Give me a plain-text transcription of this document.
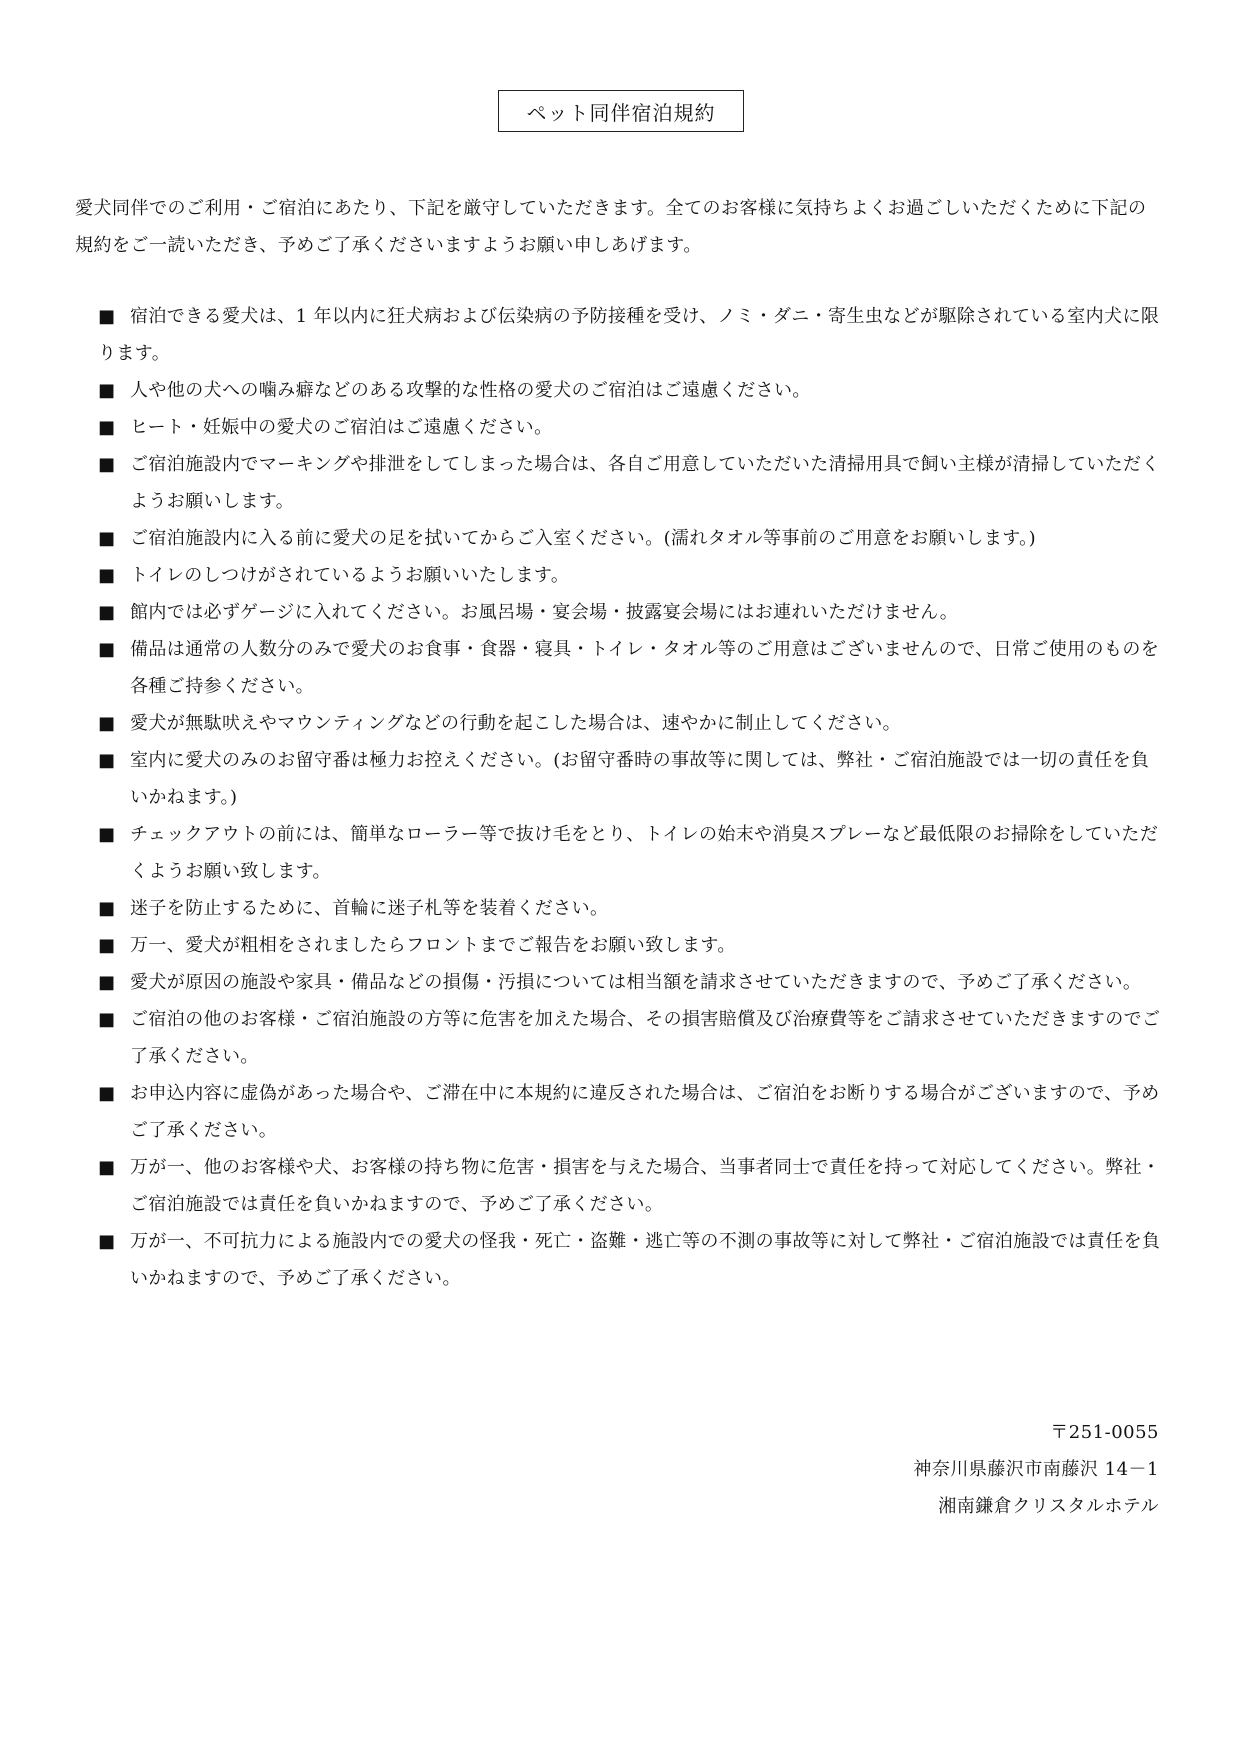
ペット同伴宿泊規約
愛犬同伴でのご利用・ご宿泊にあたり、下記を厳守していただきます。全てのお客様に気持ちよくお過ごしいただくために下記の規約をご一読いただき、予めご了承くださいますようお願い申しあげます。
■ 宿泊できる愛犬は、1 年以内に狂犬病および伝染病の予防接種を受け、ノミ・ダニ・寄生虫などが駆除されている室内犬に限ります。
■ 人や他の犬への噛み癖などのある攻撃的な性格の愛犬のご宿泊はご遠慮ください。
■ ヒート・妊娠中の愛犬のご宿泊はご遠慮ください。
■ ご宿泊施設内でマーキングや排泄をしてしまった場合は、各自ご用意していただいた清掃用具で飼い主様が清掃していただくようお願いします。
■ ご宿泊施設内に入る前に愛犬の足を拭いてからご入室ください。(濡れタオル等事前のご用意をお願いします。)
■ トイレのしつけがされているようお願いいたします。
■ 館内では必ずゲージに入れてください。お風呂場・宴会場・披露宴会場にはお連れいただけません。
■ 備品は通常の人数分のみで愛犬のお食事・食器・寝具・トイレ・タオル等のご用意はございませんので、日常ご使用のものを各種ご持参ください。
■ 愛犬が無駄吠えやマウンティングなどの行動を起こした場合は、速やかに制止してください。
■ 室内に愛犬のみのお留守番は極力お控えください。(お留守番時の事故等に関しては、弊社・ご宿泊施設では一切の責任を負いかねます。)
■ チェックアウトの前には、簡単なローラー等で抜け毛をとり、トイレの始末や消臭スプレーなど最低限のお掃除をしていただくようお願い致します。
■ 迷子を防止するために、首輪に迷子札等を装着ください。
■ 万一、愛犬が粗相をされましたらフロントまでご報告をお願い致します。
■ 愛犬が原因の施設や家具・備品などの損傷・汚損については相当額を請求させていただきますので、予めご了承ください。
■ ご宿泊の他のお客様・ご宿泊施設の方等に危害を加えた場合、その損害賠償及び治療費等をご請求させていただきますのでご了承ください。
■ お申込内容に虚偽があった場合や、ご滞在中に本規約に違反された場合は、ご宿泊をお断りする場合がございますので、予めご了承ください。
■ 万が一、他のお客様や犬、お客様の持ち物に危害・損害を与えた場合、当事者同士で責任を持って対応してください。弊社・ご宿泊施設では責任を負いかねますので、予めご了承ください。
■ 万が一、不可抗力による施設内での愛犬の怪我・死亡・盗難・逃亡等の不測の事故等に対して弊社・ご宿泊施設では責任を負いかねますので、予めご了承ください。
〒251-0055
神奈川県藤沢市南藤沢 14－1
湘南鎌倉クリスタルホテル
